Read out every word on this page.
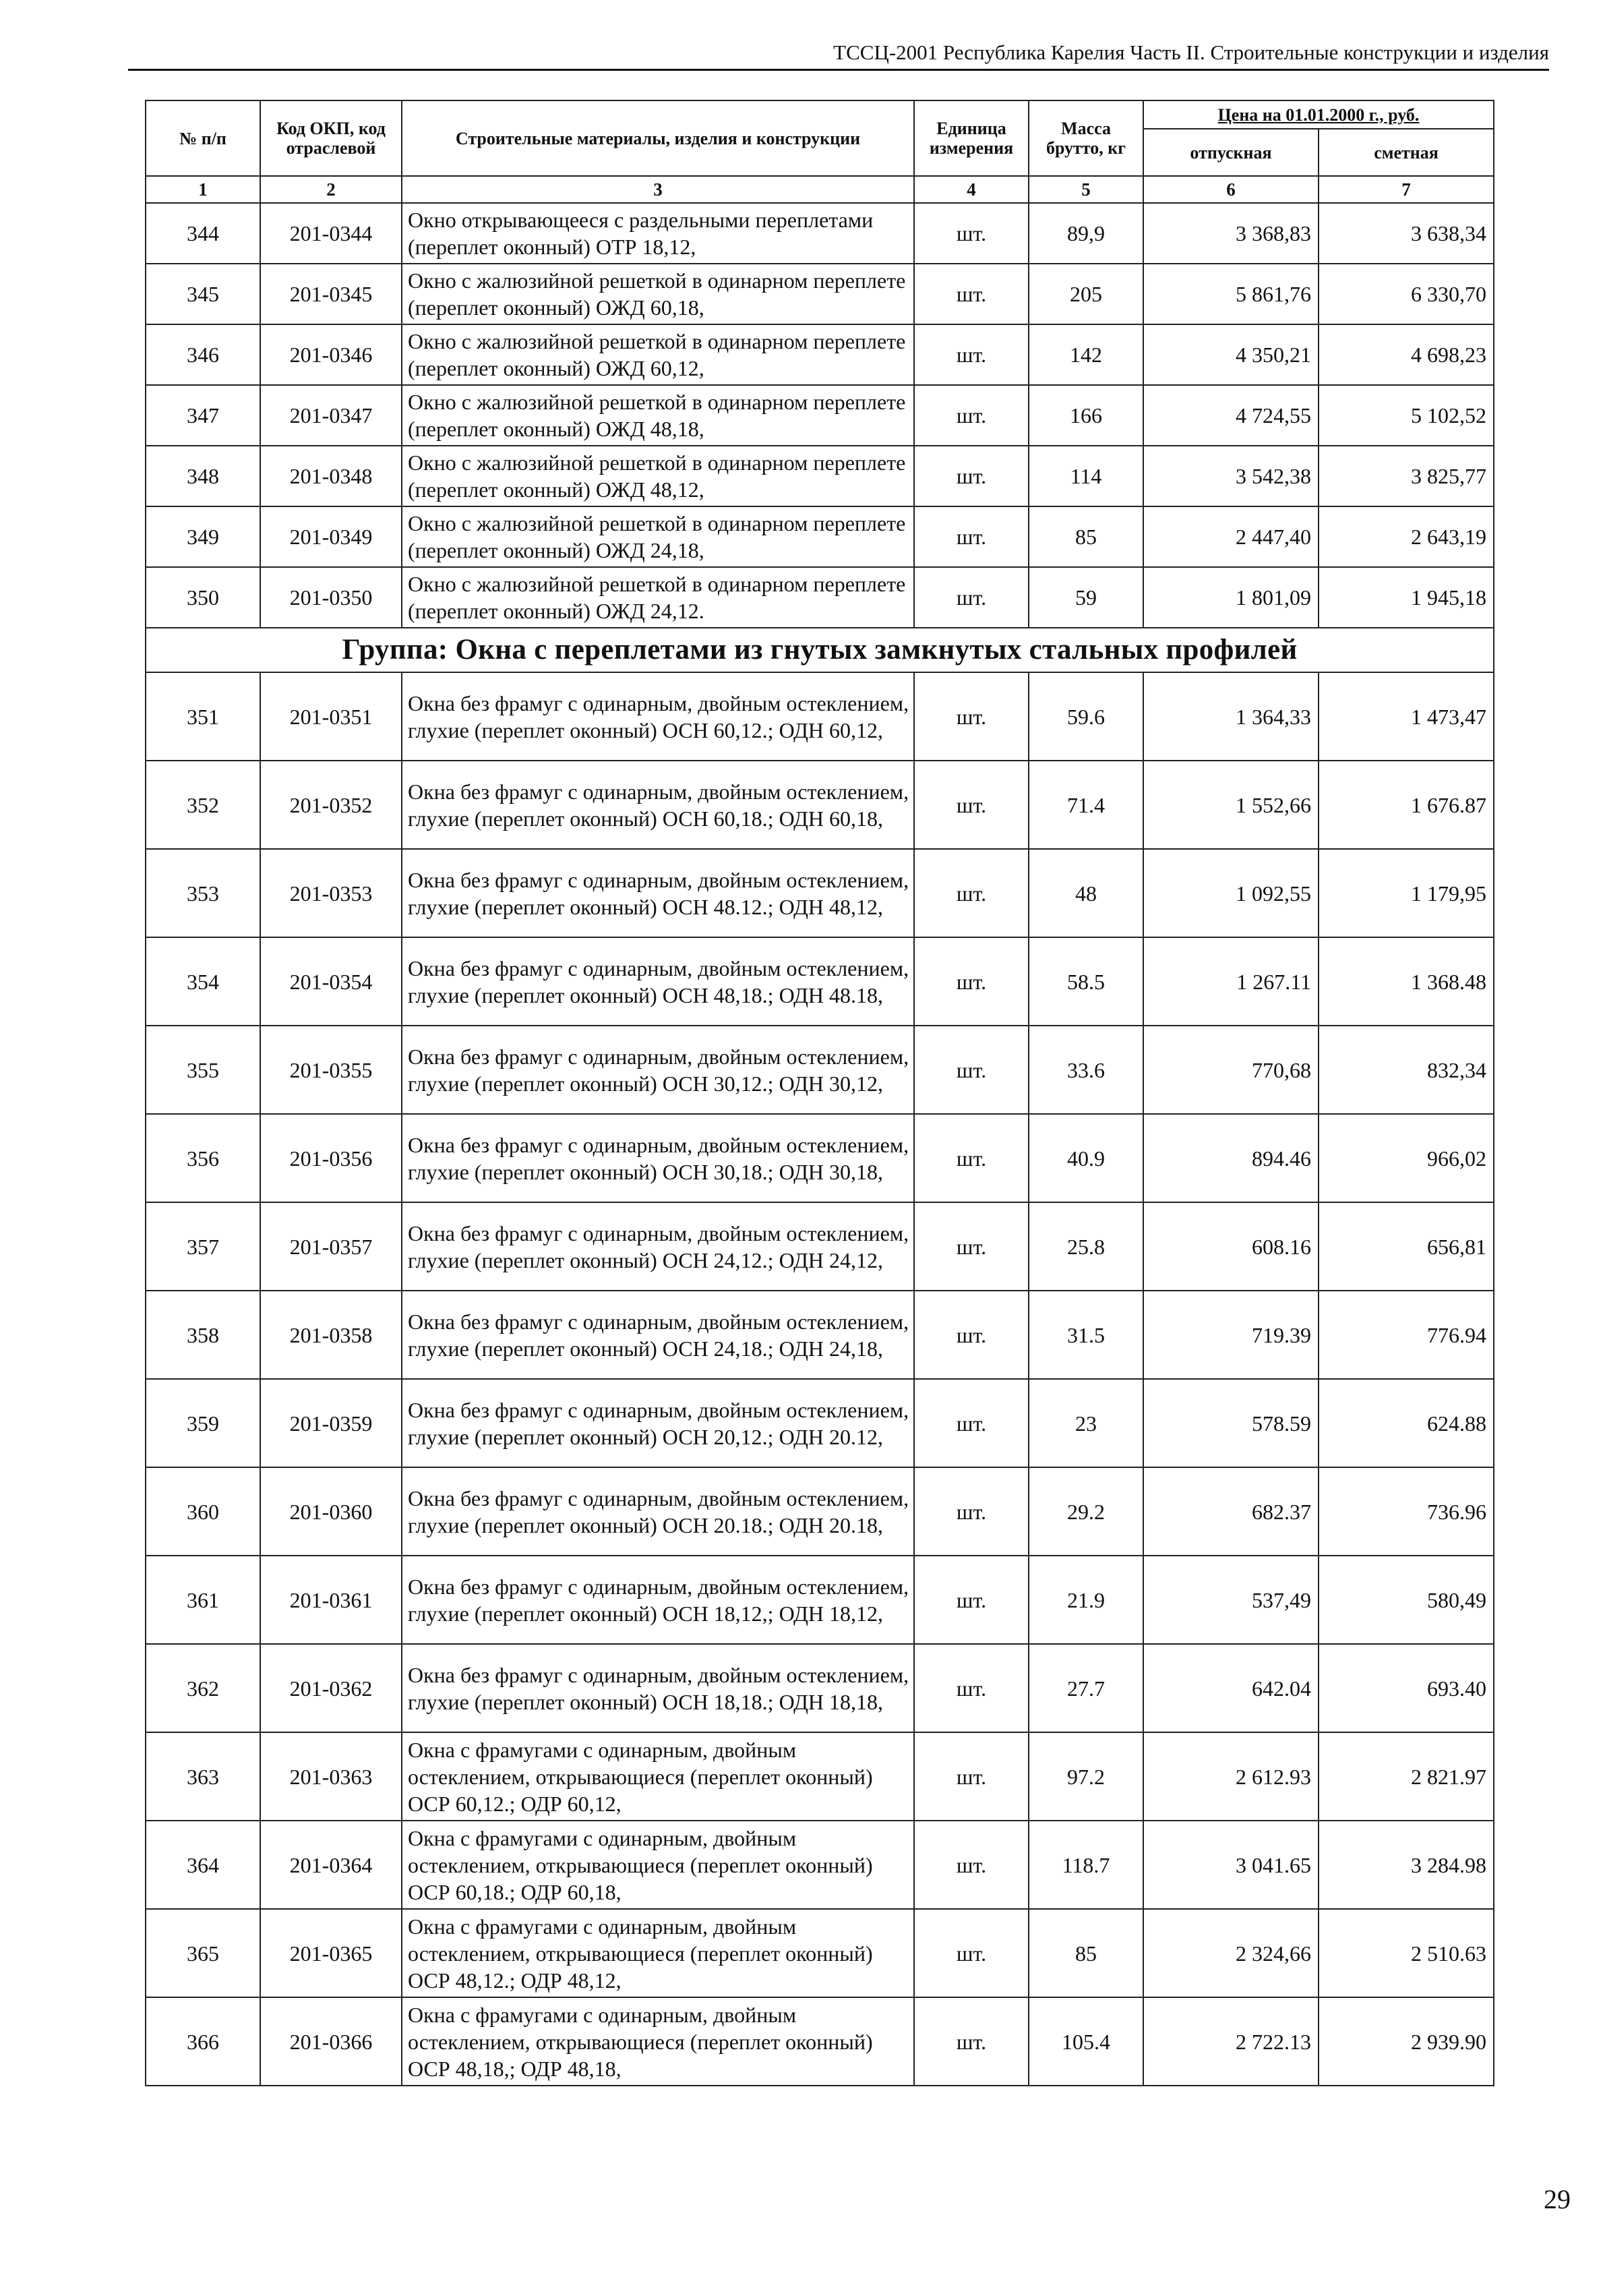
ТССЦ-2001 Республика Карелия Часть II. Строительные конструкции и изделия
№ п/п	Код ОКП, код отраслевой	Строительные материалы, изделия и конструкции	Единица измерения	Масса брутто, кг	Цена на 01.01.2000 г., руб.	
					отпускная	сметная
1	2	3	4	5	6	7
344	201-0344	Окно открывающееся с раздельными переплетами (переплет оконный) ОТР 18,12,	шт.	89,9	3 368,83	3 638,34
345	201-0345	Окно с жалюзийной решеткой в одинарном переплете (переплет оконный) ОЖД 60,18,	шт.	205	5 861,76	6 330,70
346	201-0346	Окно с жалюзийной решеткой в одинарном переплете (переплет оконный) ОЖД 60,12,	шт.	142	4 350,21	4 698,23
347	201-0347	Окно с жалюзийной решеткой в одинарном переплете (переплет оконный) ОЖД 48,18,	шт.	166	4 724,55	5 102,52
348	201-0348	Окно с жалюзийной решеткой в одинарном переплете (переплет оконный) ОЖД 48,12,	шт.	114	3 542,38	3 825,77
349	201-0349	Окно с жалюзийной решеткой в одинарном переплете (переплет оконный) ОЖД 24,18,	шт.	85	2 447,40	2 643,19
350	201-0350	Окно с жалюзийной решеткой в одинарном переплете (переплет оконный) ОЖД 24,12.	шт.	59	1 801,09	1 945,18
Группа: Окна с переплетами из гнутых замкнутых стальных профилей						
351	201-0351	Окна без фрамуг с одинарным, двойным остеклением, глухие (переплет оконный) ОСН 60,12.; ОДН 60,12,	шт.	59.6	1 364,33	1 473,47
352	201-0352	Окна без фрамуг с одинарным, двойным остеклением, глухие (переплет оконный) ОСН 60,18.; ОДН 60,18,	шт.	71.4	1 552,66	1 676.87
353	201-0353	Окна без фрамуг с одинарным, двойным остеклением, глухие (переплет оконный) ОСН 48.12.; ОДН 48,12,	шт.	48	1 092,55	1 179,95
354	201-0354	Окна без фрамуг с одинарным, двойным остеклением, глухие (переплет оконный) ОСН 48,18.; ОДН 48.18,	шт.	58.5	1 267.11	1 368.48
355	201-0355	Окна без фрамуг с одинарным, двойным остеклением, глухие (переплет оконный) ОСН 30,12.; ОДН 30,12,	шт.	33.6	770,68	832,34
356	201-0356	Окна без фрамуг с одинарным, двойным остеклением, глухие (переплет оконный) ОСН 30,18.; ОДН 30,18,	шт.	40.9	894.46	966,02
357	201-0357	Окна без фрамуг с одинарным, двойным остеклением, глухие (переплет оконный) ОСН 24,12.; ОДН 24,12,	шт.	25.8	608.16	656,81
358	201-0358	Окна без фрамуг с одинарным, двойным остеклением, глухие (переплет оконный) ОСН 24,18.; ОДН 24,18,	шт.	31.5	719.39	776.94
359	201-0359	Окна без фрамуг с одинарным, двойным остеклением, глухие (переплет оконный) ОСН 20,12.; ОДН 20.12,	шт.	23	578.59	624.88
360	201-0360	Окна без фрамуг с одинарным, двойным остеклением, глухие (переплет оконный) ОСН 20.18.; ОДН 20.18,	шт.	29.2	682.37	736.96
361	201-0361	Окна без фрамуг с одинарным, двойным остеклением, глухие (переплет оконный) ОСН 18,12,; ОДН 18,12,	шт.	21.9	537,49	580,49
362	201-0362	Окна без фрамуг с одинарным, двойным остеклением, глухие (переплет оконный) ОСН 18,18.; ОДН 18,18,	шт.	27.7	642.04	693.40
363	201-0363	Окна с фрамугами с одинарным, двойным остеклением, открывающиеся (переплет оконный) ОСР 60,12.; ОДР 60,12,	шт.	97.2	2 612.93	2 821.97
364	201-0364	Окна с фрамугами с одинарным, двойным остеклением, открывающиеся (переплет оконный) ОСР 60,18.; ОДР 60,18,	шт.	118.7	3 041.65	3 284.98
365	201-0365	Окна с фрамугами с одинарным, двойным остеклением, открывающиеся (переплет оконный) ОСР 48,12.; ОДР 48,12,	шт.	85	2 324,66	2 510.63
366	201-0366	Окна с фрамугами с одинарным, двойным остеклением, открывающиеся (переплет оконный) ОСР 48,18,; ОДР 48,18,	шт.	105.4	2 722.13	2 939.90
29
